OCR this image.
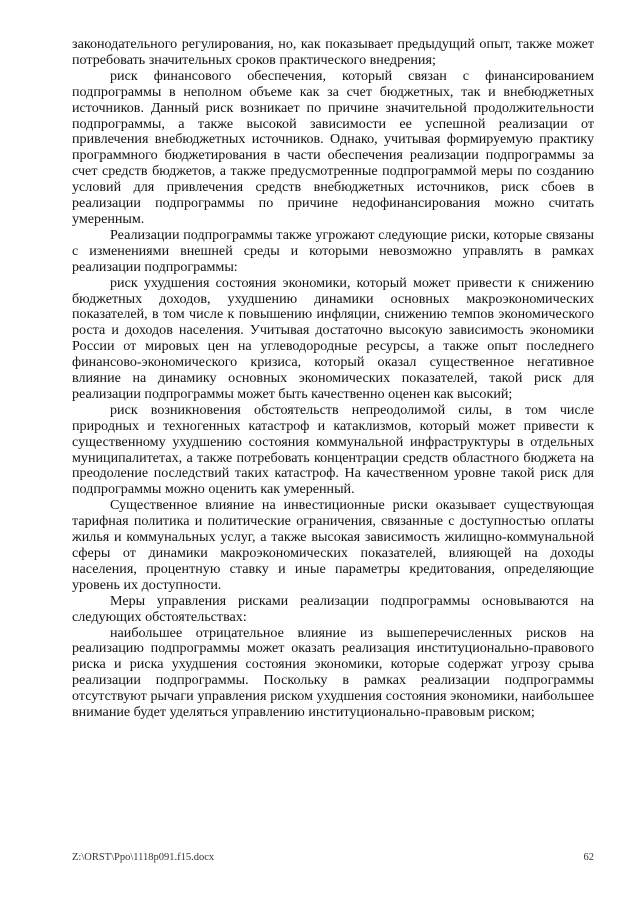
законодательного регулирования, но, как показывает предыдущий опыт, также может потребовать значительных сроков практического внедрения;

риск финансового обеспечения, который связан с финансированием подпрограммы в неполном объеме как за счет бюджетных, так и внебюджетных источников. Данный риск возникает по причине значительной продолжительности подпрограммы, а также высокой зависимости ее успешной реализации от привлечения внебюджетных источников. Однако, учитывая формируемую практику программного бюджетирования в части обеспечения реализации подпрограммы за счет средств бюджетов, а также предусмотренные подпрограммой меры по созданию условий для привлечения средств внебюджетных источников, риск сбоев в реализации подпрограммы по причине недофинансирования можно считать умеренным.

Реализации подпрограммы также угрожают следующие риски, которые связаны с изменениями внешней среды и которыми невозможно управлять в рамках реализации подпрограммы:

риск ухудшения состояния экономики, который может привести к снижению бюджетных доходов, ухудшению динамики основных макроэкономических показателей, в том числе к повышению инфляции, снижению темпов экономического роста и доходов населения. Учитывая достаточно высокую зависимость экономики России от мировых цен на углеводородные ресурсы, а также опыт последнего финансово-экономического кризиса, который оказал существенное негативное влияние на динамику основных экономических показателей, такой риск для реализации подпрограммы может быть качественно оценен как высокий;

риск возникновения обстоятельств непреодолимой силы, в том числе природных и техногенных катастроф и катаклизмов, который может привести к существенному ухудшению состояния коммунальной инфраструктуры в отдельных муниципалитетах, а также потребовать концентрации средств областного бюджета на преодоление последствий таких катастроф. На качественном уровне такой риск для подпрограммы можно оценить как умеренный.

Существенное влияние на инвестиционные риски оказывает существующая тарифная политика и политические ограничения, связанные с доступностью оплаты жилья и коммунальных услуг, а также высокая зависимость жилищно-коммунальной сферы от динамики макроэкономических показателей, влияющей на доходы населения, процентную ставку и иные параметры кредитования, определяющие уровень их доступности.

Меры управления рисками реализации подпрограммы основываются на следующих обстоятельствах:

наибольшее отрицательное влияние из вышеперечисленных рисков на реализацию подпрограммы может оказать реализация институционально-правового риска и риска ухудшения состояния экономики, которые содержат угрозу срыва реализации подпрограммы. Поскольку в рамках реализации подпрограммы отсутствуют рычаги управления риском ухудшения состояния экономики, наибольшее внимание будет уделяться управлению институционально-правовым риском;

Z:\ORST\Ppo\1118p091.f15.docx	62
